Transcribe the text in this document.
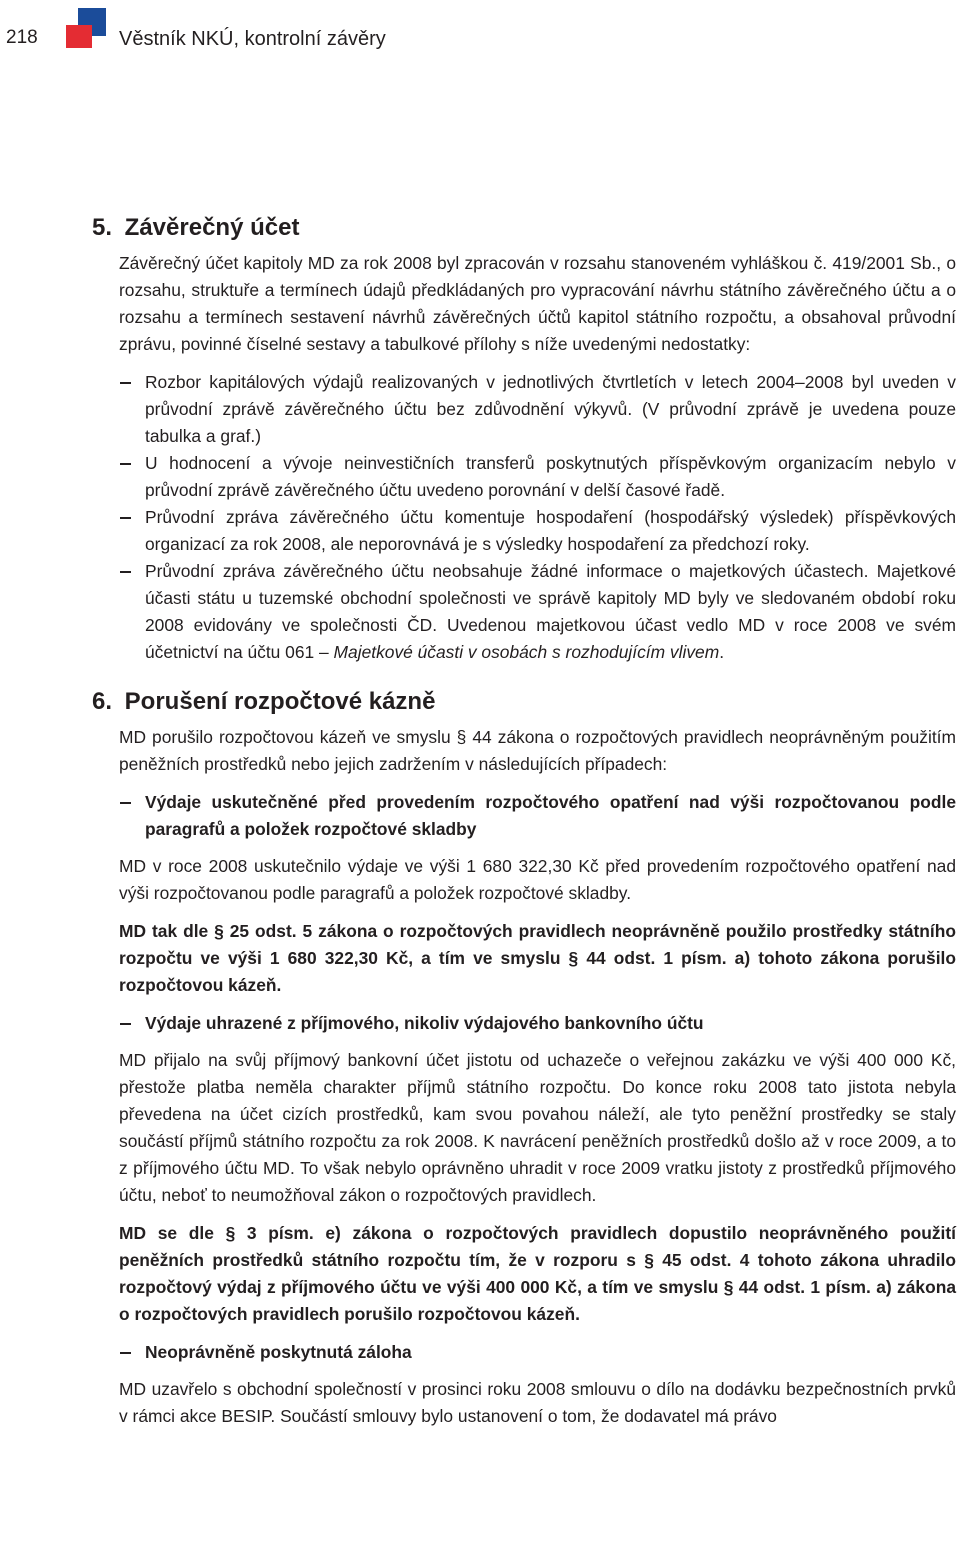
218	Věstník NKÚ, kontrolní závěry
5. Závěrečný účet

Závěrečný účet kapitoly MD za rok 2008 byl zpracován v rozsahu stanoveném vyhláškou č. 419/2001 Sb., o rozsahu, struktuře a termínech údajů předkládaných pro vypracování návrhu státního závěrečného účtu a o rozsahu a termínech sestavení návrhů závěrečných účtů kapitol státního rozpočtu, a obsahoval průvodní zprávu, povinné číselné sestavy a tabulkové přílohy s níže uvedenými nedostatky:

Rozbor kapitálových výdajů realizovaných v jednotlivých čtvrtletích v letech 2004–2008 byl uveden v průvodní zprávě závěrečného účtu bez zdůvodnění výkyvů. (V průvodní zprávě je uvedena pouze tabulka a graf.)
U hodnocení a vývoje neinvestičních transferů poskytnutých příspěvkovým organizacím nebylo v průvodní zprávě závěrečného účtu uvedeno porovnání v delší časové řadě.
Průvodní zpráva závěrečného účtu komentuje hospodaření (hospodářský výsledek) příspěvkových organizací za rok 2008, ale neporovnává je s výsledky hospodaření za předchozí roky.
Průvodní zpráva závěrečného účtu neobsahuje žádné informace o majetkových účastech. Majetkové účasti státu u tuzemské obchodní společnosti ve správě kapitoly MD byly ve sledovaném období roku 2008 evidovány ve společnosti ČD. Uvedenou majetkovou účast vedlo MD v roce 2008 ve svém účetnictví na účtu 061 – Majetkové účasti v osobách s rozhodujícím vlivem.
6. Porušení rozpočtové kázně

MD porušilo rozpočtovou kázeň ve smyslu § 44 zákona o rozpočtových pravidlech neoprávněným použitím peněžních prostředků nebo jejich zadržením v následujících případech:

Výdaje uskutečněné před provedením rozpočtového opatření nad výši rozpočtovanou podle paragrafů a položek rozpočtové skladby

MD v roce 2008 uskutečnilo výdaje ve výši 1 680 322,30 Kč před provedením rozpočtového opatření nad výši rozpočtovanou podle paragrafů a položek rozpočtové skladby.

MD tak dle § 25 odst. 5 zákona o rozpočtových pravidlech neoprávněně použilo prostředky státního rozpočtu ve výši 1 680 322,30 Kč, a tím ve smyslu § 44 odst. 1 písm. a) tohoto zákona porušilo rozpočtovou kázeň.

Výdaje uhrazené z příjmového, nikoliv výdajového bankovního účtu

MD přijalo na svůj příjmový bankovní účet jistotu od uchazeče o veřejnou zakázku ve výši 400 000 Kč, přestože platba neměla charakter příjmů státního rozpočtu. Do konce roku 2008 tato jistota nebyla převedena na účet cizích prostředků, kam svou povahou náleží, ale tyto peněžní prostředky se staly součástí příjmů státního rozpočtu za rok 2008. K navrácení peněžních prostředků došlo až v roce 2009, a to z příjmového účtu MD. To však nebylo oprávněno uhradit v roce 2009 vratku jistoty z prostředků příjmového účtu, neboť to neumožňoval zákon o rozpočtových pravidlech.

MD se dle § 3 písm. e) zákona o rozpočtových pravidlech dopustilo neoprávněného použití peněžních prostředků státního rozpočtu tím, že v rozporu s § 45 odst. 4 tohoto zákona uhradilo rozpočtový výdaj z příjmového účtu ve výši 400 000 Kč, a tím ve smyslu § 44 odst. 1 písm. a) zákona o rozpočtových pravidlech porušilo rozpočtovou kázeň.

Neoprávněně poskytnutá záloha

MD uzavřelo s obchodní společností v prosinci roku 2008 smlouvu o dílo na dodávku bezpečnostních prvků v rámci akce BESIP. Součástí smlouvy bylo ustanovení o tom, že dodavatel má právo
